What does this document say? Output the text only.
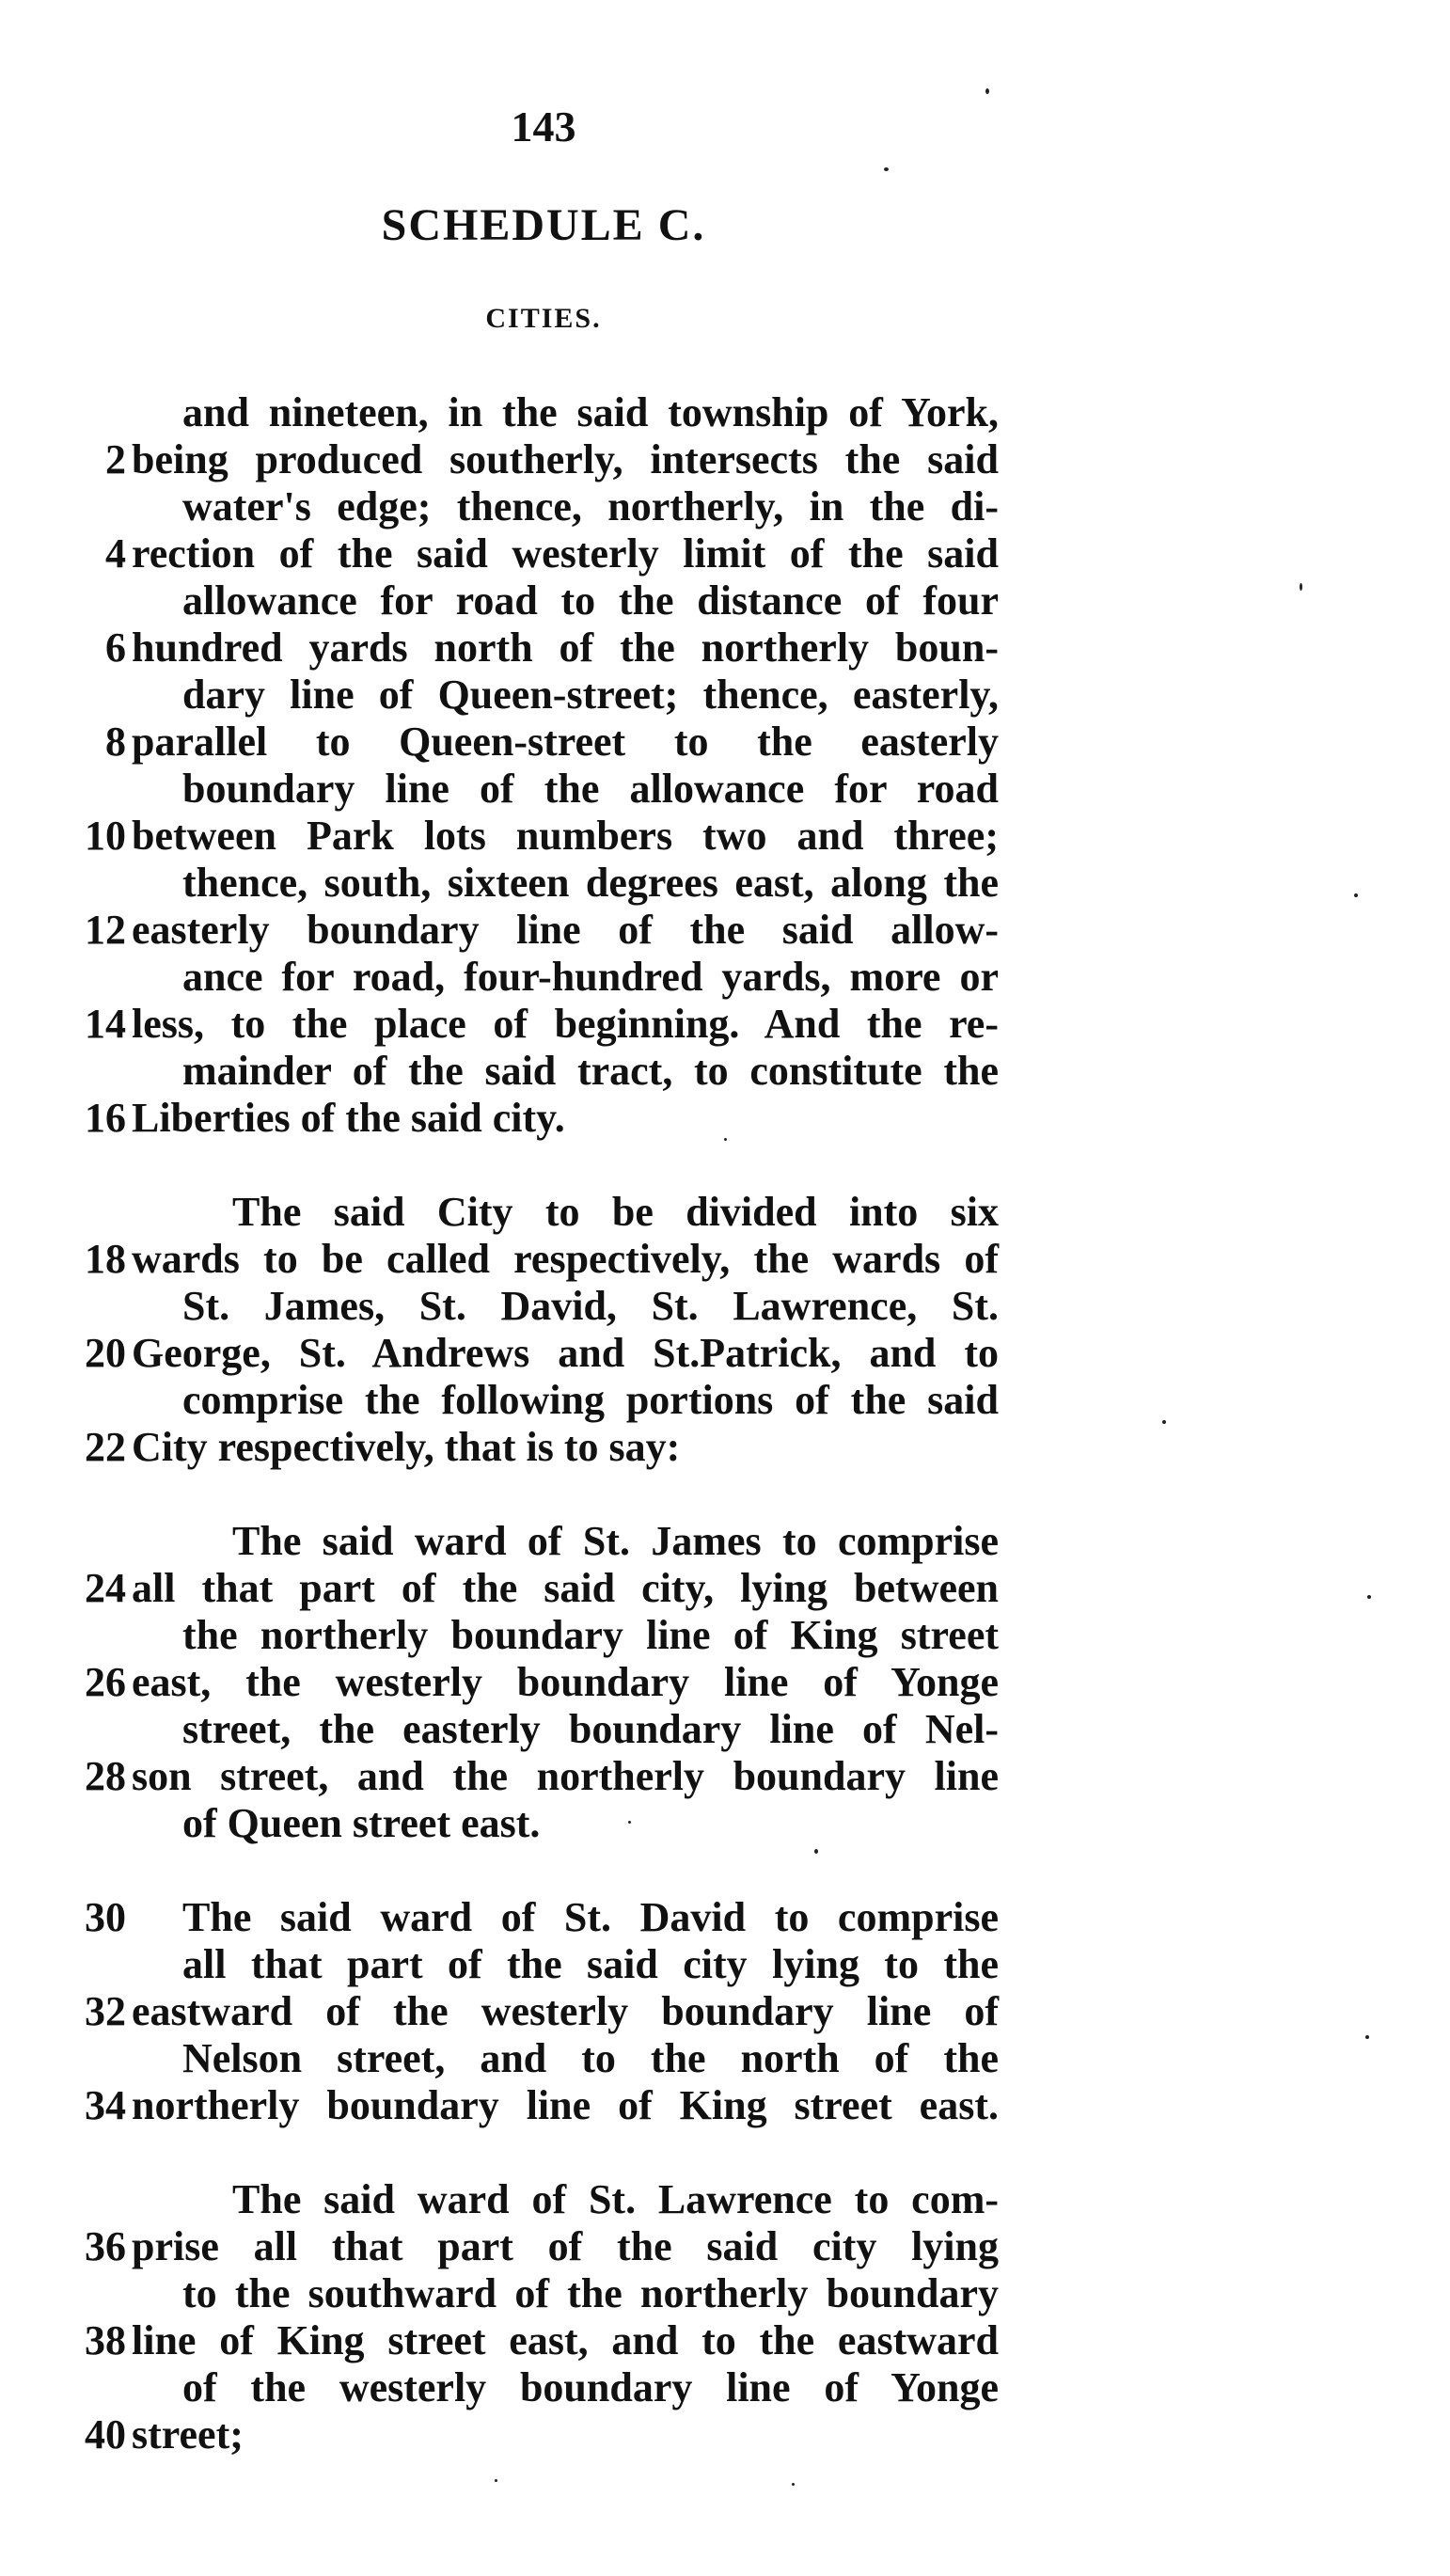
143
SCHEDULE C.
CITIES.
and nineteen, in the said township of York,
2 being produced southerly, intersects the said
water's edge; thence, northerly, in the di-
4 rection of the said westerly limit of the said
allowance for road to the distance of four
6 hundred yards north of the northerly boun-
dary line of Queen-street; thence, easterly,
8 parallel to Queen-street to the easterly
boundary line of the allowance for road
10 between Park lots numbers two and three;
thence, south, sixteen degrees east, along the
12 easterly boundary line of the said allow-
ance for road, four-hundred yards, more or
14 less, to the place of beginning. And the re-
mainder of the said tract, to constitute the
16 Liberties of the said city.
The said City to be divided into six
18 wards to be called respectively, the wards of
St. James, St. David, St. Lawrence, St.
20 George, St. Andrews and St.Patrick, and to
comprise the following portions of the said
22 City respectively, that is to say:
The said ward of St. James to comprise
24 all that part of the said city, lying between
the northerly boundary line of King street
26 east, the westerly boundary line of Yonge
street, the easterly boundary line of Nel-
28 son street, and the northerly boundary line
of Queen street east.
30 The said ward of St. David to comprise
all that part of the said city lying to the
32 eastward of the westerly boundary line of
Nelson street, and to the north of the
34 northerly boundary line of King street east.
The said ward of St. Lawrence to com-
36 prise all that part of the said city lying
to the southward of the northerly boundary
38 line of King street east, and to the eastward
of the westerly boundary line of Yonge
40 street;
